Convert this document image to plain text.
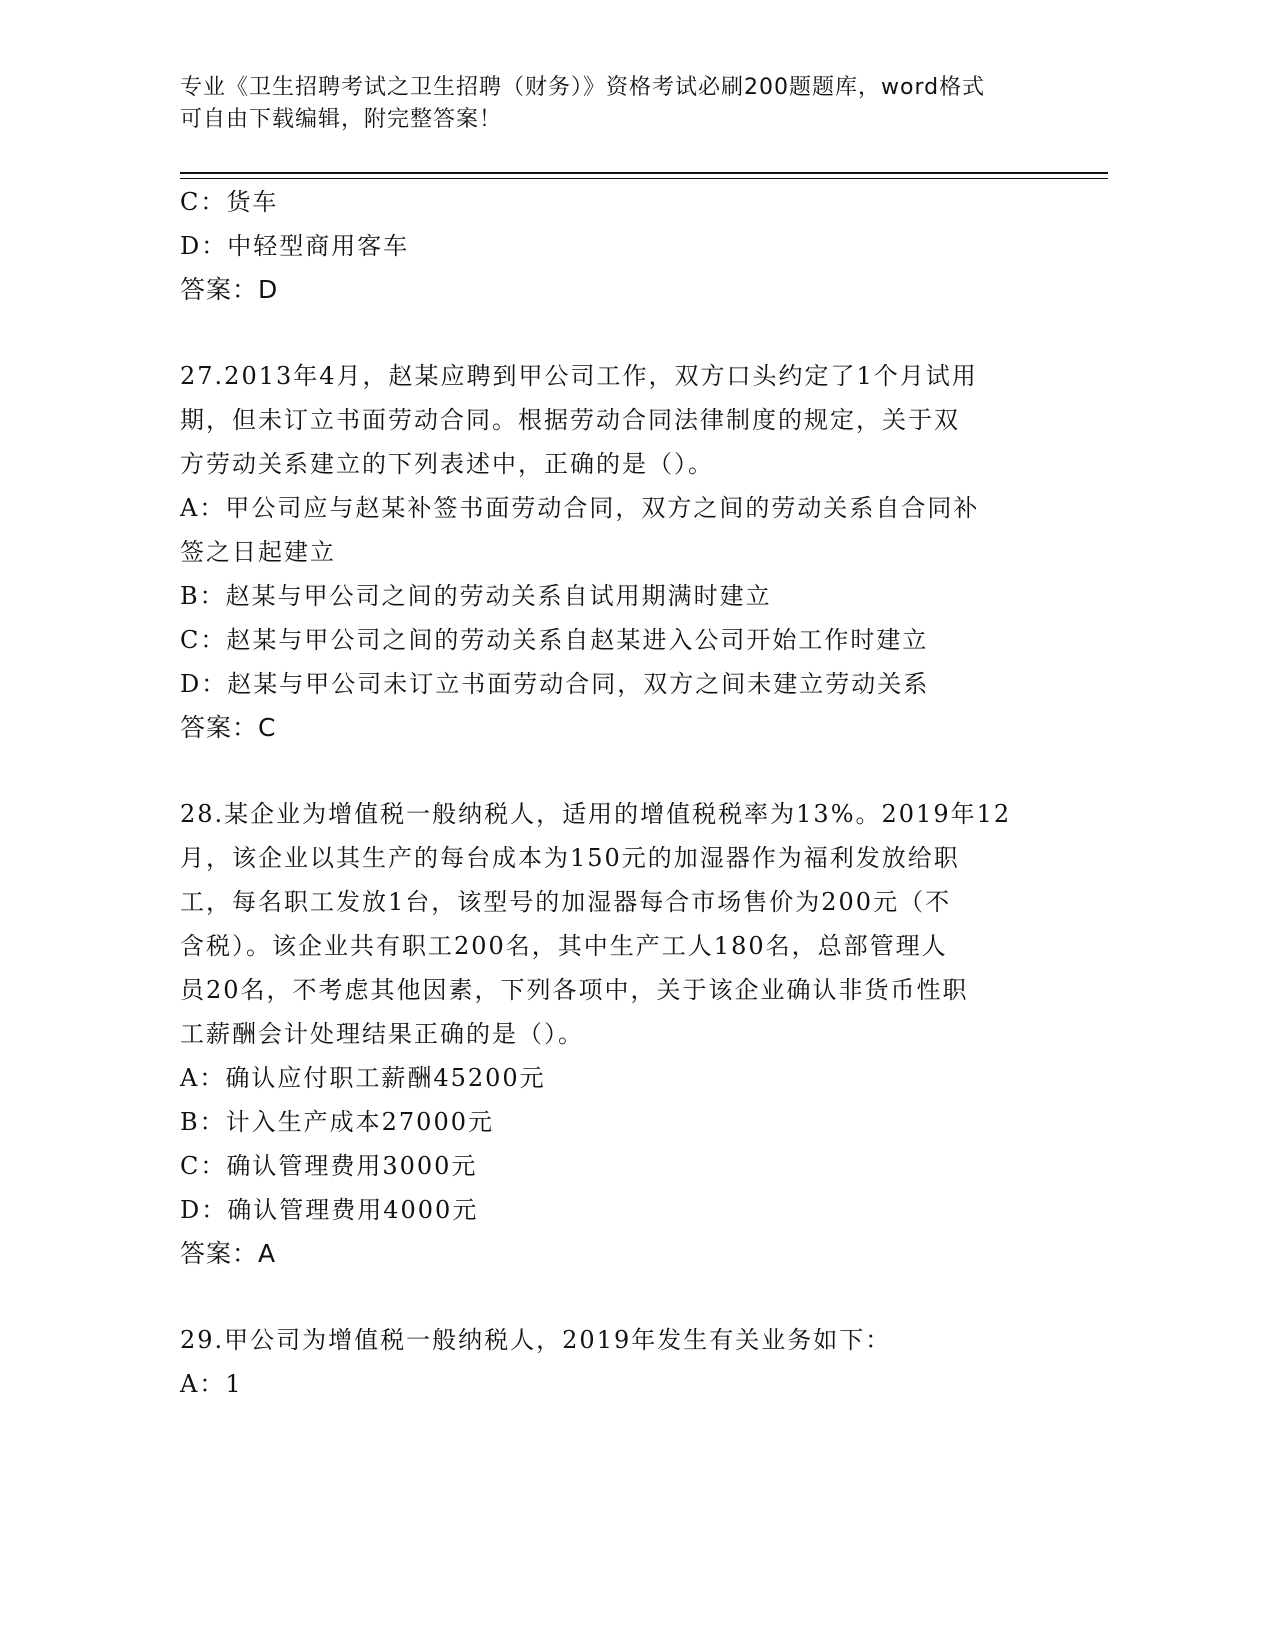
专业《卫生招聘考试之卫生招聘（财务）》资格考试必刷200题题库，word格式
可自由下载编辑，附完整答案！
C：货车
D：中轻型商用客车
答案：D
27.2013年4月，赵某应聘到甲公司工作，双方口头约定了1个月试用
期，但未订立书面劳动合同。根据劳动合同法律制度的规定，关于双
方劳动关系建立的下列表述中，正确的是（）。
A：甲公司应与赵某补签书面劳动合同，双方之间的劳动关系自合同补
签之日起建立
B：赵某与甲公司之间的劳动关系自试用期满时建立
C：赵某与甲公司之间的劳动关系自赵某进入公司开始工作时建立
D：赵某与甲公司未订立书面劳动合同，双方之间未建立劳动关系
答案：C
28.某企业为增值税一般纳税人，适用的增值税税率为13%。2019年12
月，该企业以其生产的每台成本为150元的加湿器作为福利发放给职
工，每名职工发放1台，该型号的加湿器每合市场售价为200元（不
含税）。该企业共有职工200名，其中生产工人180名，总部管理人
员20名，不考虑其他因素，下列各项中，关于该企业确认非货币性职
工薪酬会计处理结果正确的是（）。
A：确认应付职工薪酬45200元
B：计入生产成本27000元
C：确认管理费用3000元
D：确认管理费用4000元
答案：A
29.甲公司为增值税一般纳税人，2019年发生有关业务如下：
A：1
